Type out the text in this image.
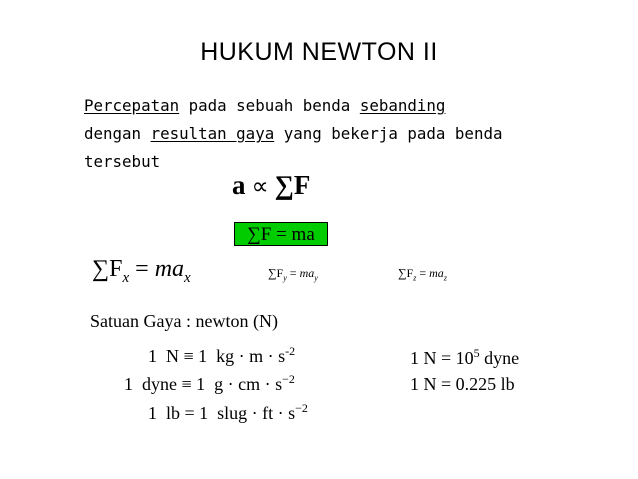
HUKUM NEWTON II
Percepatan pada sebuah benda sebanding
dengan resultan gaya yang bekerja pada benda
tersebut
a ∝ ∑F
∑F = ma
$\sum F_x = ma_x$	$\sum F_y = ma_y$	$\sum F_z = ma_z$
Satuan Gaya : newton (N)
1  N ≡ 1  kg · $m \cdot s^{-2}$
1  dyne ≡ 1  g · cm · $s^{-2}$
1  lb = 1  slug · ft · $s^{-2}$
1 $N = 10^5$ dyne
1 N = 0.225 lb
